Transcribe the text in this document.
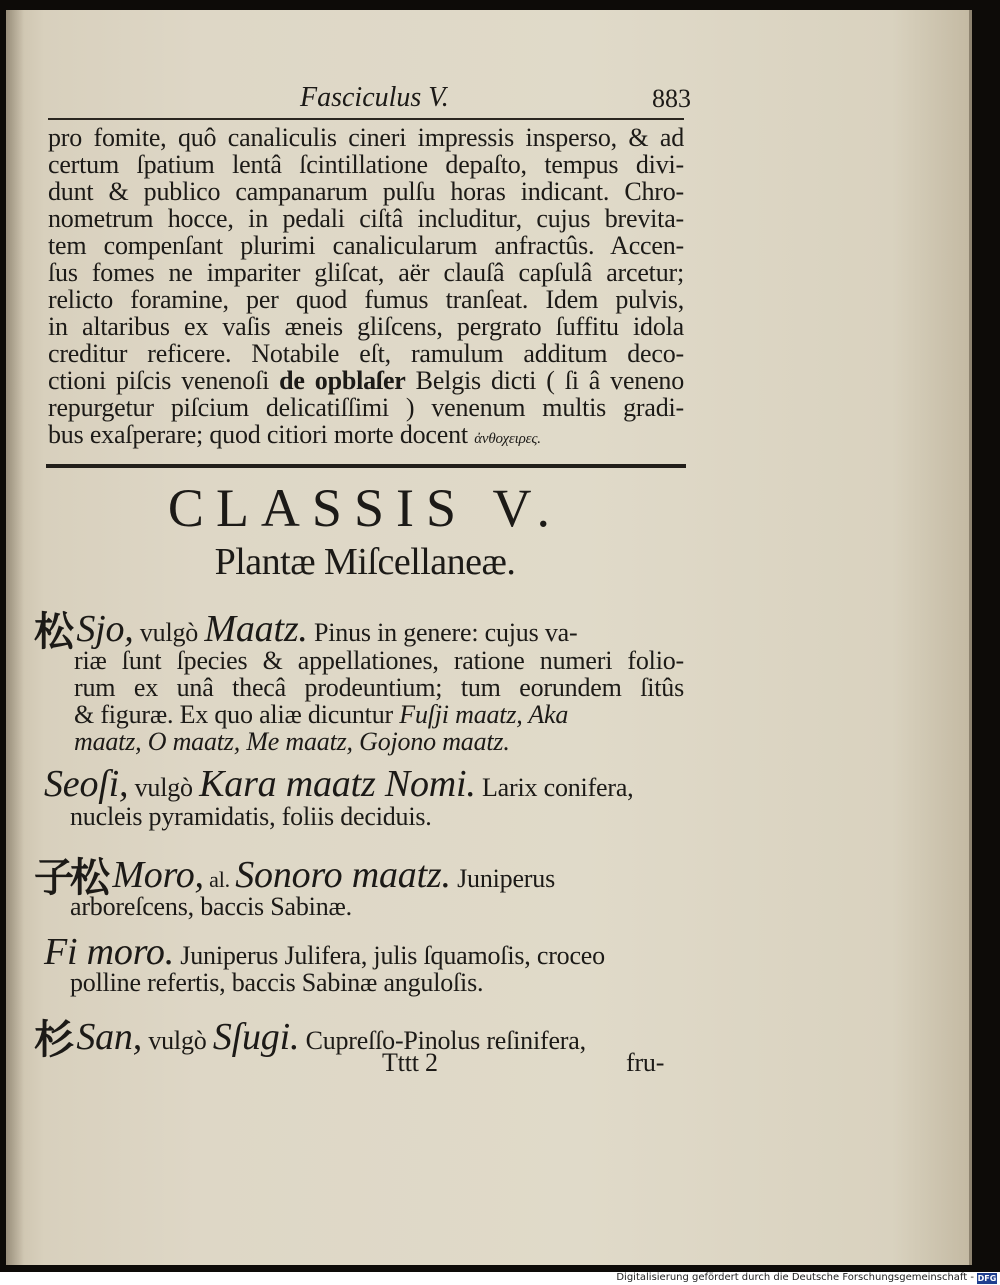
Fasciculus V.	883
pro fomite, quô canaliculis cineri impressis inspersо, & ad
certum ſpatium lentâ ſcintillatione depaſto, tempus divi-
dunt & publico campanarum pulſu horas indicant. Chro-
nometrum hocce, in pedali ciſtâ includitur, cujus brevita-
tem compenſant plurimi canalicularum anfractûs. Accen-
ſus fomes ne impariter gliſcat, aër clauſâ capſulâ arcetur;
relicto foramine, per quod fumus tranſeat. Idem pulvis,
in altaribus ex vaſis æneis gliſcens, pergrato ſuffitu idola
creditur reficere. Notabile eſt, ramulum additum deco-
ctioni piſcis venenoſi de opblaſer Belgis dicti ( ſi â veneno
repurgetur piſcium delicatiſſimi ) venenum multis gradi-
bus exaſperare; quod citiori morte docent ἀνθοχειρες.
CLASSIS V.
Plantæ Miſcellaneæ.
松 Sjo, vulgò Maatz. Pinus in genere: cujus va-
riæ ſunt ſpecies & appellationes, ratione numeri folio-
rum ex unâ thecâ prodeuntium; tum eorundem ſitûs
& figuræ. Ex quo aliæ dicuntur Fuſji maatz, Aka
maatz, O maatz, Me maatz, Gojono maatz.
Seoſi, vulgò Kara maatz Nomi. Larix conifera,
nucleis pyramidatis, foliis deciduis.
子松 Moro, al. Sonoro maatz. Juniperus
arboreſcens, baccis Sabinæ.
Fi moro. Juniperus Julifera, julis ſquamoſis, croceo
polline refertis, baccis Sabinæ anguloſis.
杉 San, vulgò Sſugi. Cupreſſo-Pinolus reſinifera,
Tttt 2	fru-
Digitalisierung gefördert durch die Deutsche Forschungsgemeinschaft - DFG
